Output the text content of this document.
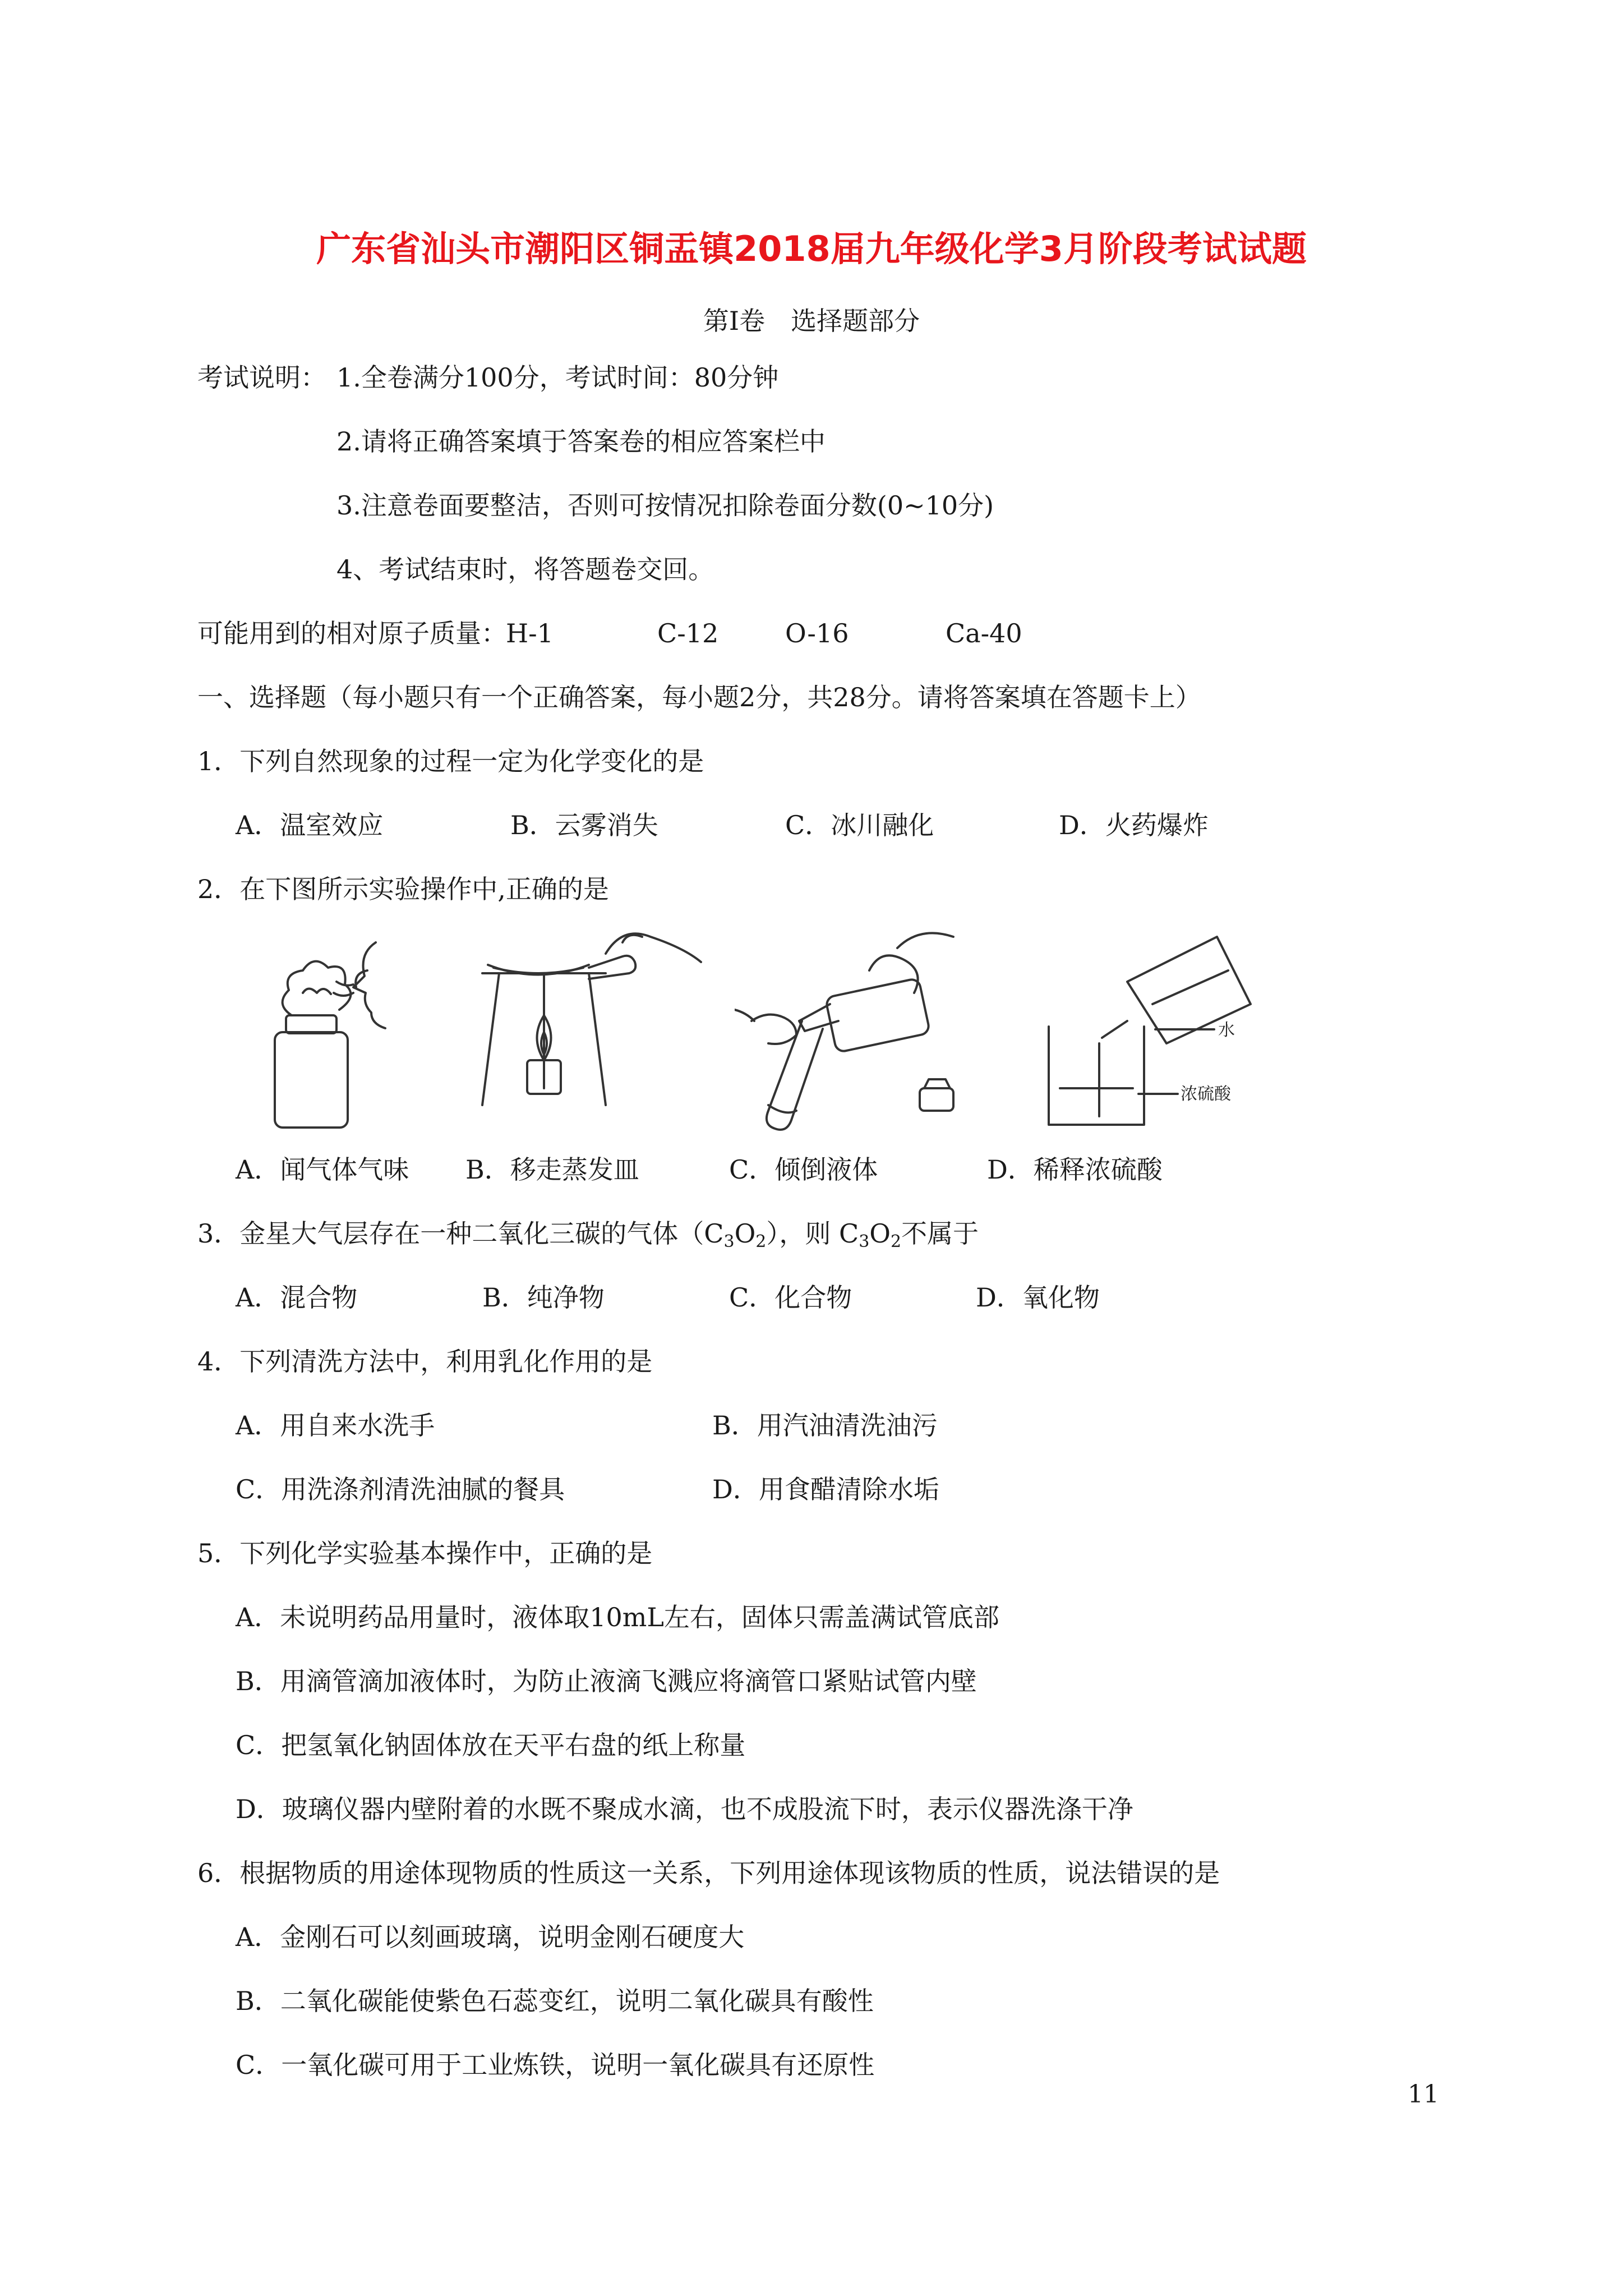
广东省汕头市潮阳区铜盂镇2018届九年级化学3月阶段考试试题
第Ⅰ卷　选择题部分
考试说明： 1.全卷满分100分，考试时间：80分钟
2.请将正确答案填于答案卷的相应答案栏中
3.注意卷面要整洁，否则可按情况扣除卷面分数(0~10分)
4、考试结束时，将答题卷交回。
可能用到的相对原子质量：
H-1	C-12	O-16	Ca-40
一、选择题（每小题只有一个正确答案，每小题2分，共28分。请将答案填在答题卡上）
1．下列自然现象的过程一定为化学变化的是
A．温室效应	B．云雾消失	C．冰川融化	D．火药爆炸
2．在下图所示实验操作中,正确的是
水
浓硫酸
A．闻气体气味 B．移走蒸发皿	C．倾倒液体	D．稀释浓硫酸
3．金星大气层存在一种二氧化三碳的气体$(C_3O_2)$，则 $C_3O_2$不属于
A．混合物	B．纯净物	C．化合物	D．氧化物
4．下列清洗方法中，利用乳化作用的是
A．用自来水洗手	B．用汽油清洗油污
C．用洗涤剂清洗油腻的餐具	D．用食醋清除水垢
5．下列化学实验基本操作中，正确的是
A．未说明药品用量时，液体取10mL左右，固体只需盖满试管底部
B．用滴管滴加液体时，为防止液滴飞溅应将滴管口紧贴试管内壁
C．把氢氧化钠固体放在天平右盘的纸上称量
D．玻璃仪器内壁附着的水既不聚成水滴，也不成股流下时，表示仪器洗涤干净
6．根据物质的用途体现物质的性质这一关系，下列用途体现该物质的性质，说法错误的是
A．金刚石可以刻画玻璃，说明金刚石硬度大
B．二氧化碳能使紫色石蕊变红，说明二氧化碳具有酸性
C．一氧化碳可用于工业炼铁，说明一氧化碳具有还原性
11
